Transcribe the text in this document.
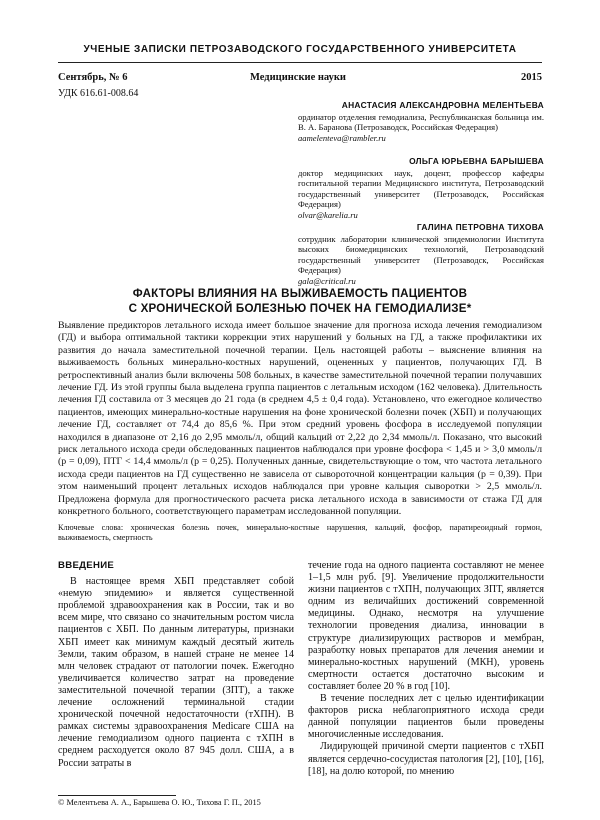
УЧЕНЫЕ ЗАПИСКИ ПЕТРОЗАВОДСКОГО ГОСУДАРСТВЕННОГО УНИВЕРСИТЕТА
Сентябрь, № 6	Медицинские науки	2015
УДК 616.61-008.64
АНАСТАСИЯ АЛЕКСАНДРОВНА МЕЛЕНТЬЕВА
ординатор отделения гемодиализа, Республиканская больница им. В. А. Баранова (Петрозаводск, Российская Федерация)
aamelenteva@rambler.ru
ОЛЬГА ЮРЬЕВНА БАРЫШЕВА
доктор медицинских наук, доцент, профессор кафедры госпитальной терапии Медицинского института, Петрозаводский государственный университет (Петрозаводск, Российская Федерация)
olvar@karelia.ru
ГАЛИНА ПЕТРОВНА ТИХОВА
сотрудник лаборатории клинической эпидемиологии Института высоких биомедицинских технологий, Петрозаводский государственный университет (Петрозаводск, Российская Федерация)
gala@critical.ru
ФАКТОРЫ ВЛИЯНИЯ НА ВЫЖИВАЕМОСТЬ ПАЦИЕНТОВ
С ХРОНИЧЕСКОЙ БОЛЕЗНЬЮ ПОЧЕК НА ГЕМОДИАЛИЗЕ*

Выявление предикторов летального исхода имеет большое значение для прогноза исхода лечения гемодиализом (ГД) и выбора оптимальной тактики коррекции этих нарушений у больных на ГД, а также профилактики их развития до начала заместительной почечной терапии. Цель настоящей работы – выяснение влияния на выживаемость больных минерально-костных нарушений, оцененных у пациентов, получающих ГД. В ретроспективный анализ были включены 508 больных, в качестве заместительной почечной терапии получавших лечение ГД. Из этой группы была выделена группа пациентов с летальным исходом (162 человека). Длительность лечения ГД составила от 3 месяцев до 21 года (в среднем 4,5 ± 0,4 года). Установлено, что ежегодное количество пациентов, имеющих минерально-костные нарушения на фоне хронической болезни почек (ХБП) и получающих лечение ГД, составляет от 74,4 до 85,6 %. При этом средний уровень фосфора в исследуемой популяции находился в диапазоне от 2,16 до 2,95 ммоль/л, общий кальций от 2,22 до 2,34 ммоль/л. Показано, что высокий риск летального исхода среди обследованных пациентов наблюдался при уровне фосфора < 1,45 и > 3,0 ммоль/л (p = 0,09), ПТГ < 14,4 ммоль/л (p = 0,25). Полученных данные, свидетельствующие о том, что частота летального исхода среди пациентов на ГД существенно не зависела от сывороточной концентрации кальция (p = 0,39). При этом наименьший процент летальных исходов наблюдался при уровне кальция сыворотки > 2,5 ммоль/л. Предложена формула для прогностического расчета риска летального исхода в зависимости от стажа ГД для конкретного больного, соответствующего параметрам исследованной популяции.

Ключевые слова: хроническая болезнь почек, минерально-костные нарушения, кальций, фосфор, паратиреоидный гормон, выживаемость, смертность

ВВЕДЕНИЕ

В настоящее время ХБП представляет собой «немую эпидемию» и является существенной проблемой здравоохранения как в России, так и во всем мире, что связано со значительным ростом числа пациентов с ХБП. По данным литературы, признаки ХБП имеет как минимум каждый десятый житель Земли, таким образом, в нашей стране не менее 14 млн человек страдают от патологии почек. Ежегодно увеличивается количество затрат на проведение заместительной почечной терапии (ЗПТ), а также лечение осложнений терминальной стадии хронической почечной недостаточности (тХПН). В рамках системы здравоохранения Medicare США на лечение гемодиализом одного пациента с тХПН в среднем расходуется около 87 945 долл. США, а в России затраты в

течение года на одного пациента составляют не менее 1–1,5 млн руб. [9]. Увеличение продолжительности жизни пациентов с тХПН, получающих ЗПТ, является одним из величайших достижений современной медицины. Однако, несмотря на улучшение технологии проведения диализа, инновации в структуре диализирующих растворов и мембран, разработку новых препаратов для лечения анемии и минерально-костных нарушений (МКН), уровень смертности остается достаточно высоким и составляет более 20 % в год [10].

В течение последних лет с целью идентификации факторов риска неблагоприятного исхода среди данной популяции пациентов были проведены многочисленные исследования.

Лидирующей причиной смерти пациентов с тХБП является сердечно-сосудистая патология [2], [10], [16], [18], на долю которой, по мнению

© Мелентьева А. А., Барышева О. Ю., Тихова Г. П., 2015
